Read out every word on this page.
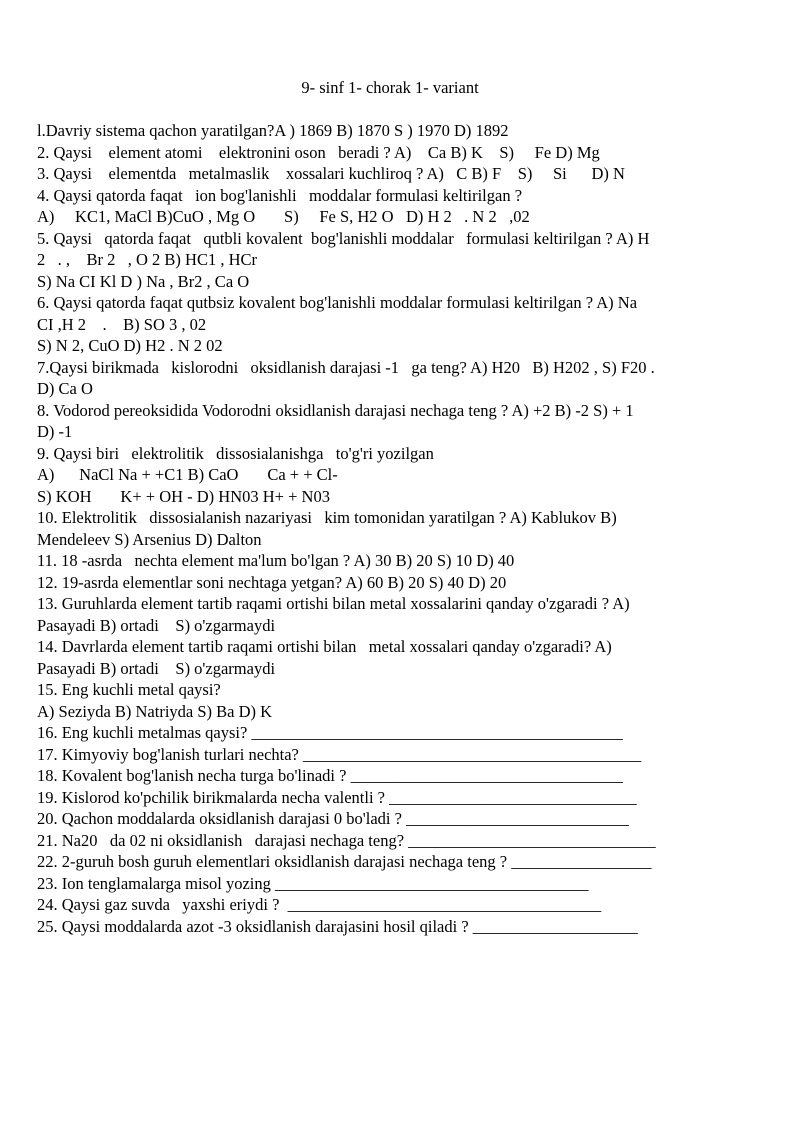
9- sinf 1- chorak 1- variant
l.Davriy sistema qachon yaratilgan?A ) 1869 B) 1870 S ) 1970 D) 1892
2. Qaysi    element atomi    elektronini oson   beradi ? A)    Ca B) K    S)     Fe D) Mg
3. Qaysi    elementda   metalmaslik    xossalari kuchliroq ? A)   C B) F    S)     Si      D) N
4. Qaysi qatorda faqat   ion bog'lanishli   moddalar formulasi keltirilgan ?
A)     KC1, MaCl B)CuO , Mg O       S)     Fe S, H2 O   D) H 2   . N 2   ,02
5. Qaysi   qatorda faqat   qutbli kovalent  bog'lanishli moddalar   formulasi keltirilgan ? A) H
2   . ,    Br 2   , O 2 B) HC1 , HCr
S) Na CI Kl D ) Na , Br2 , Ca O
6. Qaysi qatorda faqat qutbsiz kovalent bog'lanishli moddalar formulasi keltirilgan ? A) Na
CI ,H 2    .    B) SO 3 , 02
S) N 2, CuO D) H2 . N 2 02
7.Qaysi birikmada   kislorodni   oksidlanish darajasi -1   ga teng? A) H20   B) H202 , S) F20 .
D) Ca O
8. Vodorod pereoksidida Vodorodni oksidlanish darajasi nechaga teng ? A) +2 B) -2 S) + 1
D) -1
9. Qaysi biri   elektrolitik   dissosialanishga   to'g'ri yozilgan
A)      NaCl Na + +C1 B) CaO       Ca + + Cl-
S) KOH       K+ + OH - D) HN03 H+ + N03
10. Elektrolitik   dissosialanish nazariyasi   kim tomonidan yaratilgan ? A) Kablukov B)
Mendeleev S) Arsenius D) Dalton
11. 18 -asrda   nechta element ma'lum bo'lgan ? A) 30 B) 20 S) 10 D) 40
12. 19-asrda elementlar soni nechtaga yetgan? A) 60 B) 20 S) 40 D) 20
13. Guruhlarda element tartib raqami ortishi bilan metal xossalarini qanday o'zgaradi ? A)
Pasayadi B) ortadi    S) o'zgarmaydi
14. Davrlarda element tartib raqami ortishi bilan   metal xossalari qanday o'zgaradi? A)
Pasayadi B) ortadi    S) o'zgarmaydi
15. Eng kuchli metal qaysi?
A) Seziyda B) Natriyda S) Ba D) K
16. Eng kuchli metalmas qaysi? _____________________________________________
17. Kimyoviy bog'lanish turlari nechta? _________________________________________
18. Kovalent bog'lanish necha turga bo'linadi ? _________________________________
19. Kislorod ko'pchilik birikmalarda necha valentli ? ______________________________
20. Qachon moddalarda oksidlanish darajasi 0 bo'ladi ? ___________________________
21. Na20   da 02 ni oksidlanish   darajasi nechaga teng? ______________________________
22. 2-guruh bosh guruh elementlari oksidlanish darajasi nechaga teng ? _________________
23. Ion tenglamalarga misol yozing ______________________________________
24. Qaysi gaz suvda   yaxshi eriydi ?  ______________________________________
25. Qaysi moddalarda azot -3 oksidlanish darajasini hosil qiladi ? ____________________
